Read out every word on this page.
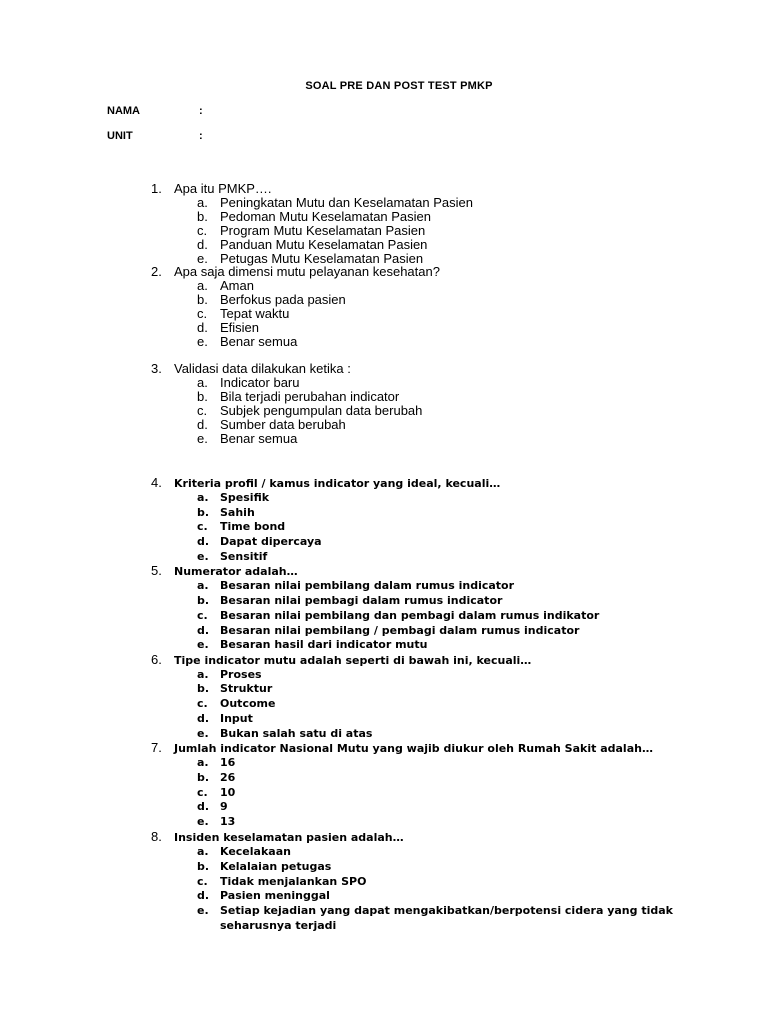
SOAL PRE DAN POST TEST PMKP
NAMA	:
UNIT	:
1. Apa itu PMKP….
a. Peningkatan Mutu dan Keselamatan Pasien
b. Pedoman Mutu Keselamatan Pasien
c. Program Mutu Keselamatan Pasien
d. Panduan Mutu Keselamatan Pasien
e. Petugas Mutu Keselamatan Pasien
2. Apa saja dimensi mutu pelayanan kesehatan?
a. Aman
b. Berfokus pada pasien
c. Tepat waktu
d. Efisien
e. Benar semua
3. Validasi data dilakukan ketika :
a. Indicator baru
b. Bila terjadi perubahan indicator
c. Subjek pengumpulan data berubah
d. Sumber data berubah
e. Benar semua
4. Kriteria profil / kamus indicator yang ideal, kecuali…
a. Spesifik
b. Sahih
c. Time bond
d. Dapat dipercaya
e. Sensitif
5. Numerator adalah…
a. Besaran nilai pembilang dalam rumus indicator
b. Besaran nilai pembagi dalam rumus indicator
c. Besaran nilai pembilang dan pembagi dalam rumus indikator
d. Besaran nilai pembilang / pembagi dalam rumus indicator
e. Besaran hasil dari indicator mutu
6. Tipe indicator mutu adalah seperti di bawah ini, kecuali…
a. Proses
b. Struktur
c. Outcome
d. Input
e. Bukan salah satu di atas
7. Jumlah indicator Nasional Mutu yang wajib diukur oleh Rumah Sakit adalah…
a. 16
b. 26
c. 10
d. 9
e. 13
8. Insiden keselamatan pasien adalah…
a. Kecelakaan
b. Kelalaian petugas
c. Tidak menjalankan SPO
d. Pasien meninggal
e. Setiap kejadian yang dapat mengakibatkan/berpotensi cidera yang tidak
seharusnya terjadi
